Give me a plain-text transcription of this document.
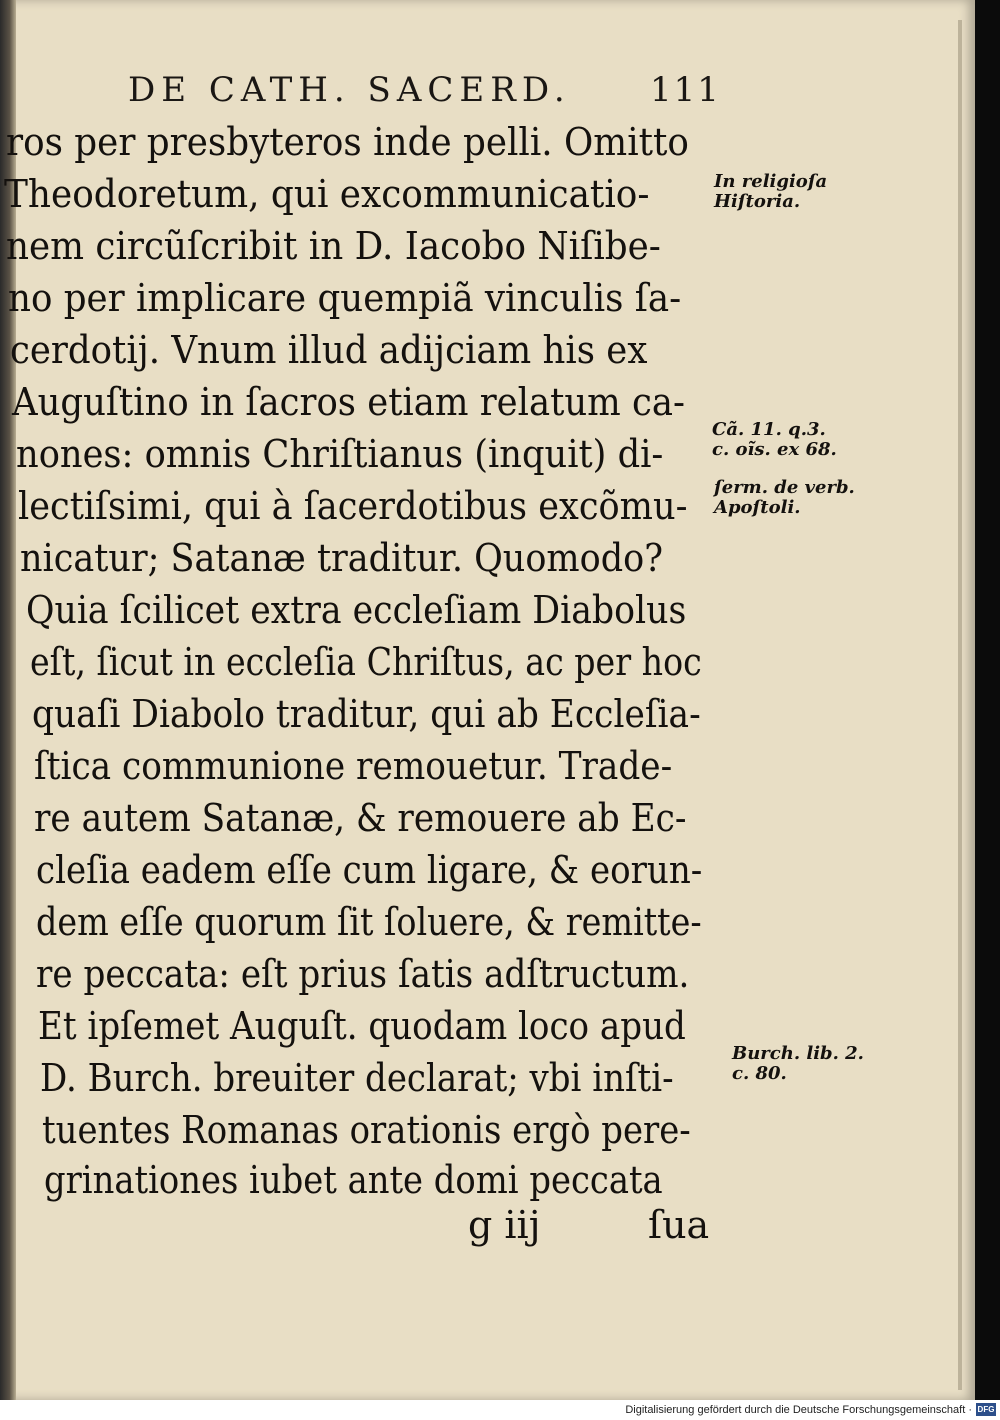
DE CATH. SACERD. 111
ros per presbyteros inde pelli. Omitto
Theodoretum, qui excommunicatio-
nem circũſcribit in D. Iacobo Niſibe-
no per implicare quempiã vinculis ſa-
cerdotij. Vnum illud adijciam his ex
Auguſtino in ſacros etiam relatum ca-
nones: omnis Chriſtianus (inquit) di-
lectiſsimi, qui à ſacerdotibus excõmu-
nicatur; Satanæ traditur. Quomodo?
Quia ſcilicet extra eccleſiam Diabolus
eſt, ſicut in eccleſia Chriſtus, ac per hoc
quaſi Diabolo traditur, qui ab Eccleſia-
ſtica communione remouetur. Trade-
re autem Satanæ, & remouere ab Ec-
cleſia eadem eſſe cum ligare, & eorun-
dem eſſe quorum ſit ſoluere, & remitte-
re peccata: eſt prius ſatis adſtructum.
Et ipſemet Auguſt. quodam loco apud
D. Burch. breuiter declarat; vbi inſti-
tuentes Romanas orationis ergò pere-
grinationes iubet ante domi peccata
g iij	ſua
In religioſa
Hiſtoria.
Cã. 11. q.3.
c. oĩs. ex 68.
ſerm. de verb.
Apoſtoli.
Burch. lib. 2.
c. 80.
Digitalisierung gefördert durch die Deutsche Forschungsgemeinschaft · DFG
